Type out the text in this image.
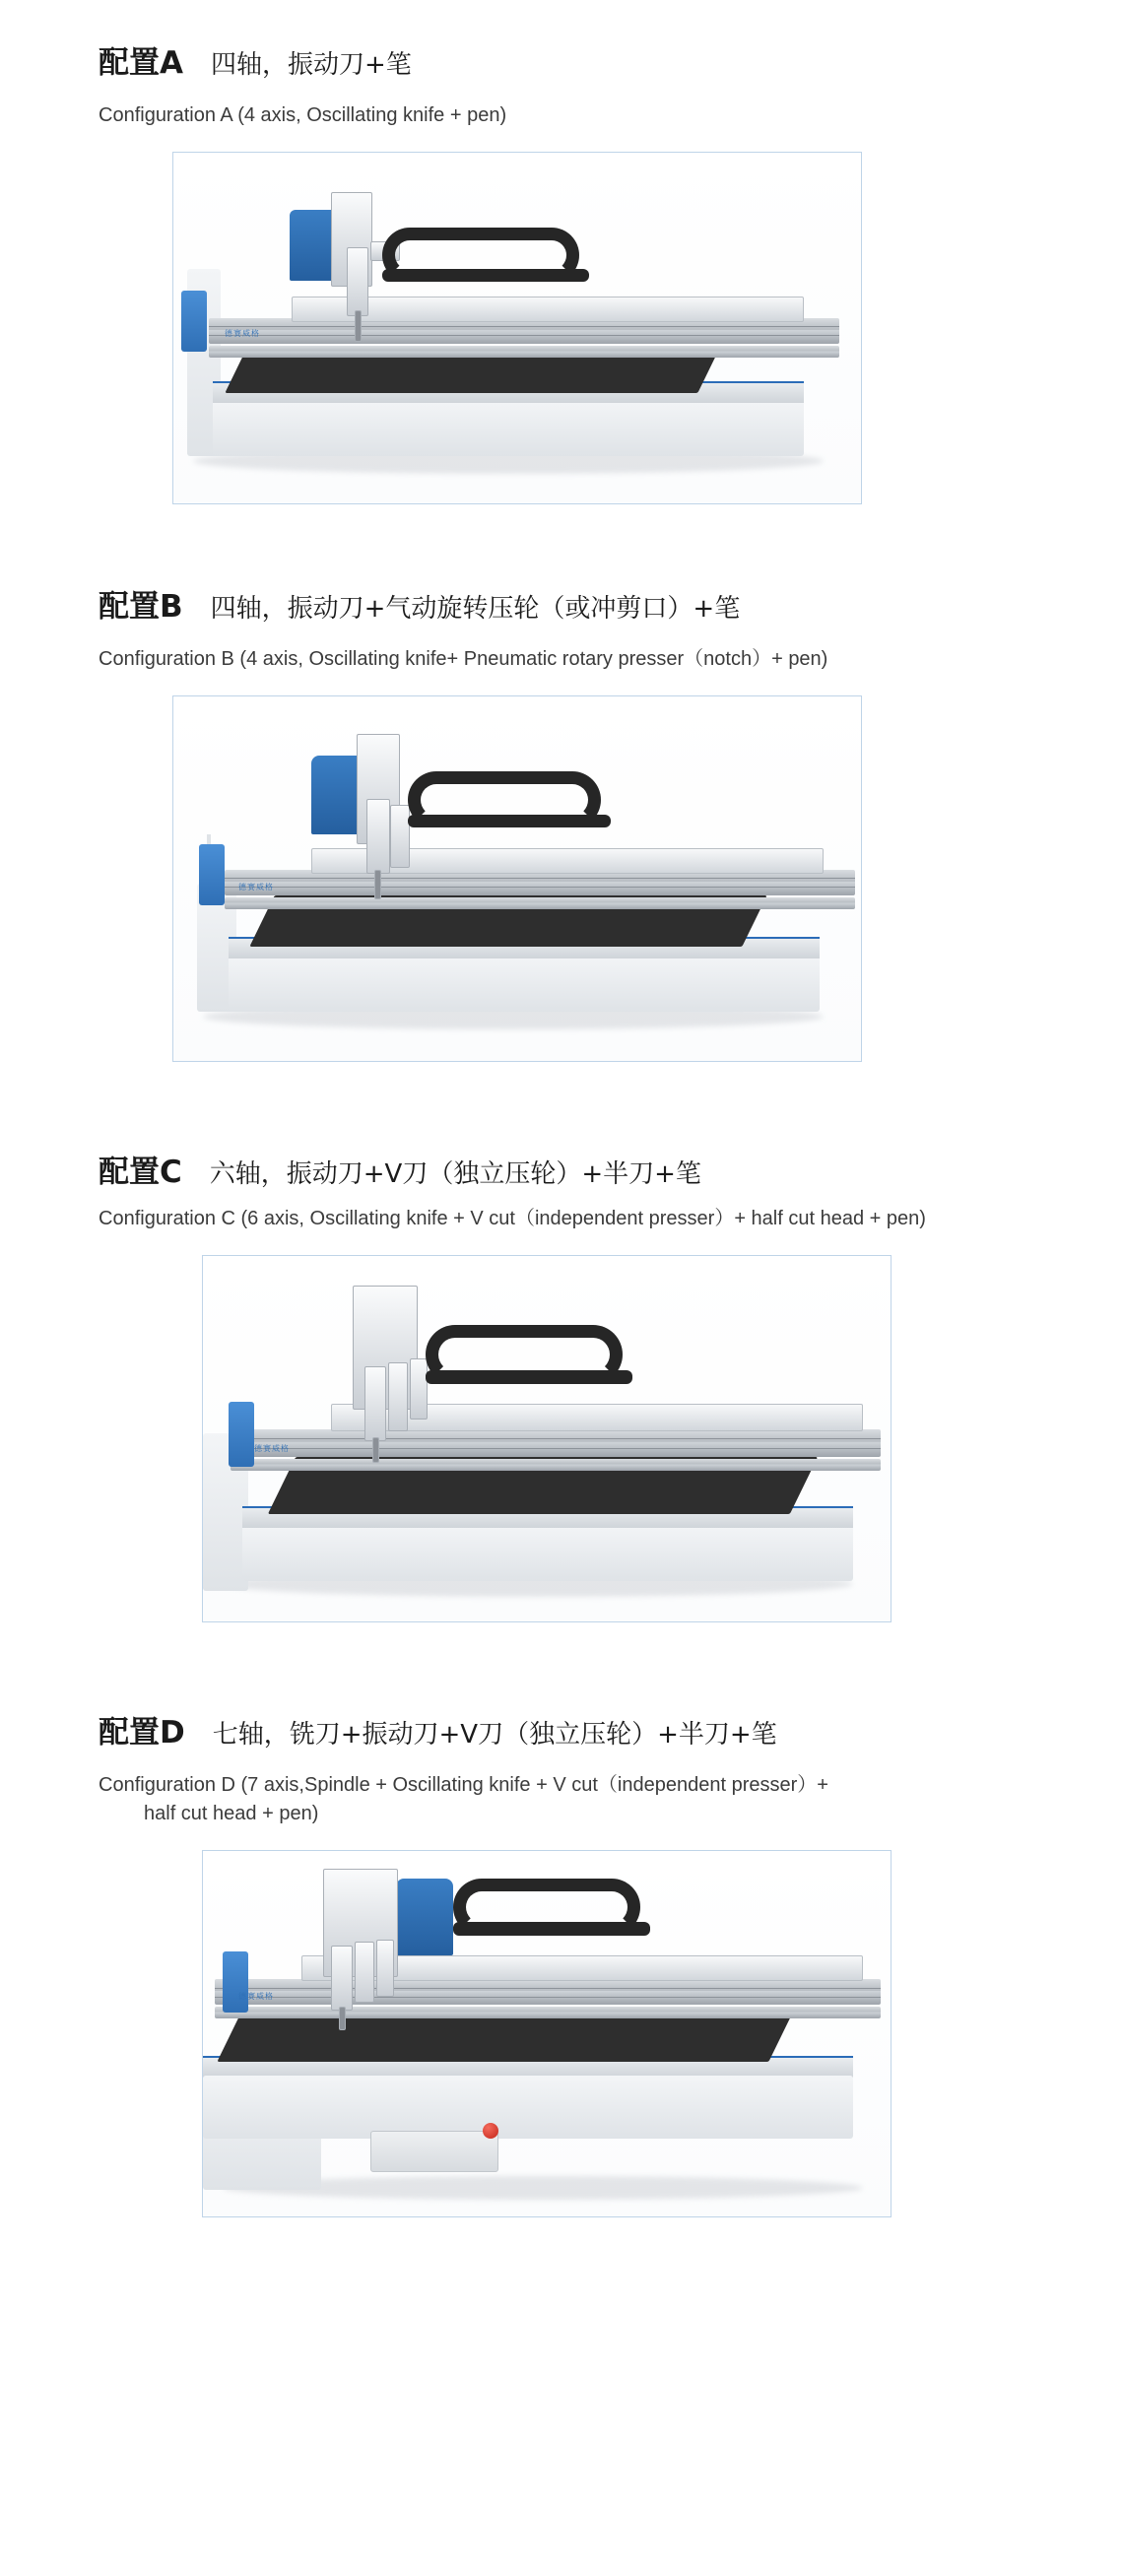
配置A 四轴，振动刀+笔
Configuration A (4 axis, Oscillating knife + pen)
德赛威格
配置B 四轴，振动刀+气动旋转压轮（或冲剪口）+笔
Configuration B (4 axis, Oscillating knife+ Pneumatic rotary presser（notch）+ pen)
德赛威格
配置C 六轴，振动刀+V刀（独立压轮）+半刀+笔
Configuration C (6 axis, Oscillating knife + V cut（independent presser）+ half cut head + pen)
德赛威格
配置D 七轴，铣刀+振动刀+V刀（独立压轮）+半刀+笔
Configuration D (7 axis,Spindle + Oscillating knife + V cut（independent presser）+
half cut head + pen)
德赛威格
